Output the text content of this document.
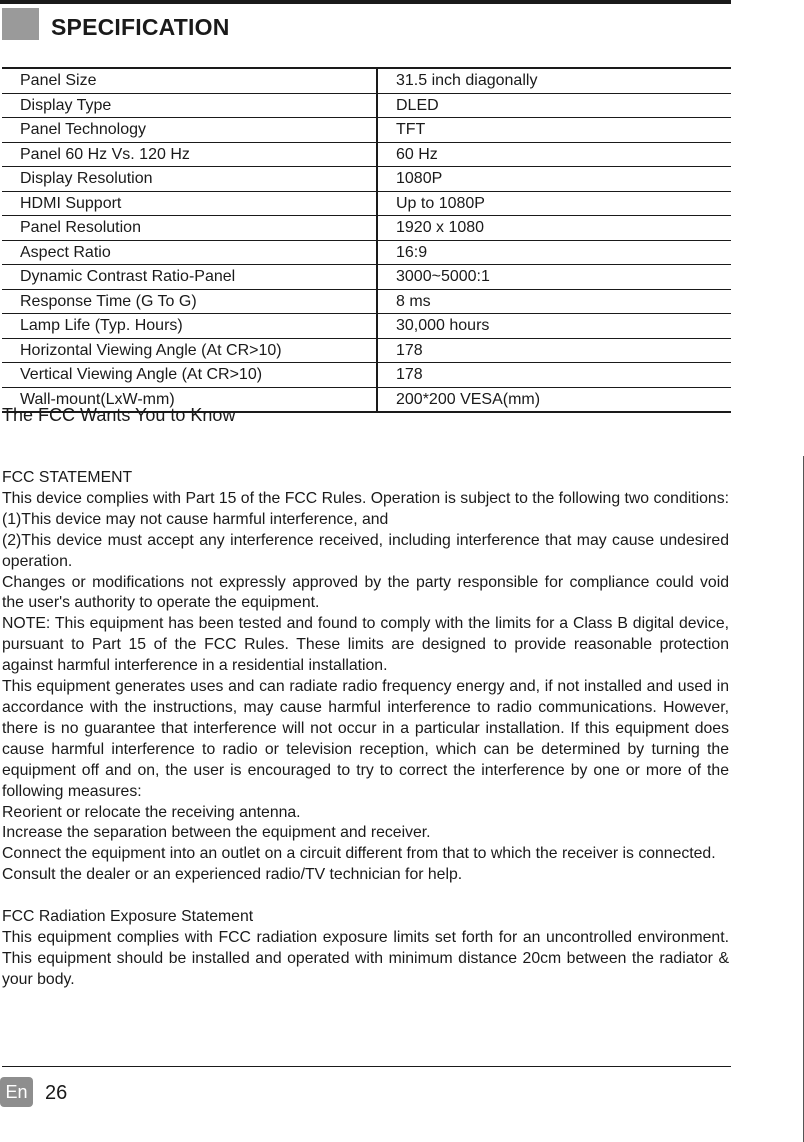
SPECIFICATION
Panel Size	31.5 inch diagonally
Display Type	DLED
Panel Technology	TFT
Panel 60 Hz Vs. 120 Hz	60 Hz
Display Resolution	1080P
HDMI Support	Up to 1080P
Panel Resolution	1920 x 1080
Aspect Ratio	16:9
Dynamic Contrast Ratio-Panel	3000~5000:1
Response Time (G To G)	8 ms
Lamp Life (Typ. Hours)	30,000 hours
Horizontal Viewing Angle (At CR>10)	178
Vertical Viewing Angle (At CR>10)	178
Wall-mount(LxW-mm)	200*200 VESA(mm)
The FCC Wants You to Know

FCC STATEMENT

This device complies with Part 15 of the FCC Rules. Operation is subject to the following two conditions:

(1)This device may not cause harmful interference, and

(2)This device must accept any interference received, including interference that may cause undesired operation.

Changes or modifications not expressly approved by the party responsible for compliance could void the user's authority to operate the equipment.

NOTE: This equipment has been tested and found to comply with the limits for a Class B digital device, pursuant to Part 15 of the FCC Rules. These limits are designed to provide reasonable protection against harmful interference in a residential installation.

This equipment generates uses and can radiate radio frequency energy and, if not installed and used in accordance with the instructions, may cause harmful interference to radio communications. However, there is no guarantee that interference will not occur in a particular installation. If this equipment does cause harmful interference to radio or television reception, which can be determined by turning the equipment off and on, the user is encouraged to try to correct the interference by one or more of the following measures:

Reorient or relocate the receiving antenna.

Increase the separation between the equipment and receiver.

Connect the equipment into an outlet on a circuit different from that to which the receiver is connected.

Consult the dealer or an experienced radio/TV technician for help.

FCC Radiation Exposure Statement

This equipment complies with FCC radiation exposure limits set forth for an uncontrolled environment. This equipment should be installed and operated with minimum distance 20cm between the radiator & your body.

En 26
